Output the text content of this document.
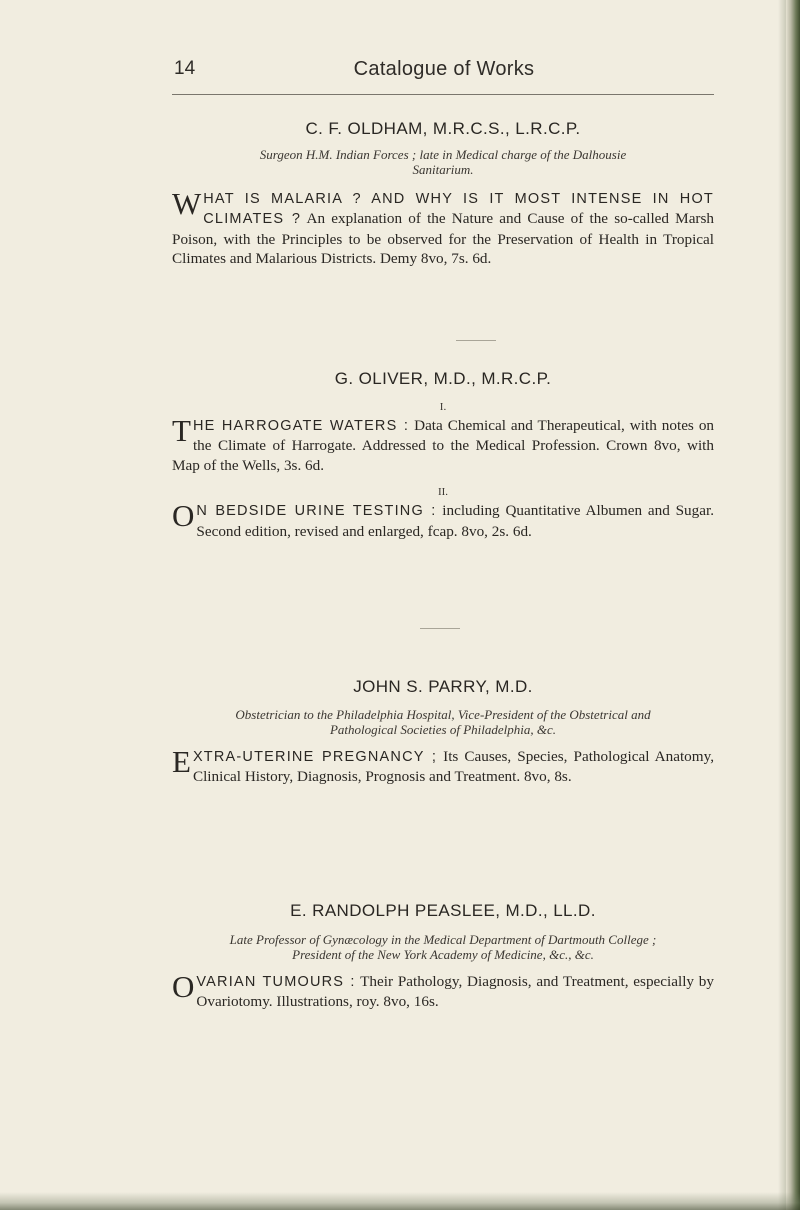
14	Catalogue of Works

C. F. OLDHAM, M.R.C.S., L.R.C.P.

Surgeon H.M. Indian Forces ; late in Medical charge of the Dalhousie
Sanitarium.

WHAT IS MALARIA ? AND WHY IS IT MOST INTENSE IN HOT CLIMATES ? An explanation of the Nature and Cause of the so-called Marsh Poison, with the Principles to be observed for the Preservation of Health in Tropical Climates and Malarious Districts. Demy 8vo, 7s. 6d.

G. OLIVER, M.D., M.R.C.P.

I.

THE HARROGATE WATERS : Data Chemical and Therapeutical, with notes on the Climate of Harrogate. Addressed to the Medical Profession. Crown 8vo, with Map of the Wells, 3s. 6d.

II.

O N BEDSIDE URINE TESTING : including Quantitative Albumen and Sugar. Second edition, revised and enlarged, fcap. 8vo, 2s. 6d.

JOHN S. PARRY, M.D.

Obstetrician to the Philadelphia Hospital, Vice-President of the Obstetrical and
Pathological Societies of Philadelphia, &c.

EXTRA-UTERINE PREGNANCY ; Its Causes, Species, Pathological Anatomy, Clinical History, Diagnosis, Prognosis and Treatment. 8vo, 8s.

E. RANDOLPH PEASLEE, M.D., LL.D.

Late Professor of Gynæcology in the Medical Department of Dartmouth College ;
President of the New York Academy of Medicine, &c., &c.

OVARIAN TUMOURS : Their Pathology, Diagnosis, and Treatment, especially by Ovariotomy. Illustrations, roy. 8vo, 16s.
